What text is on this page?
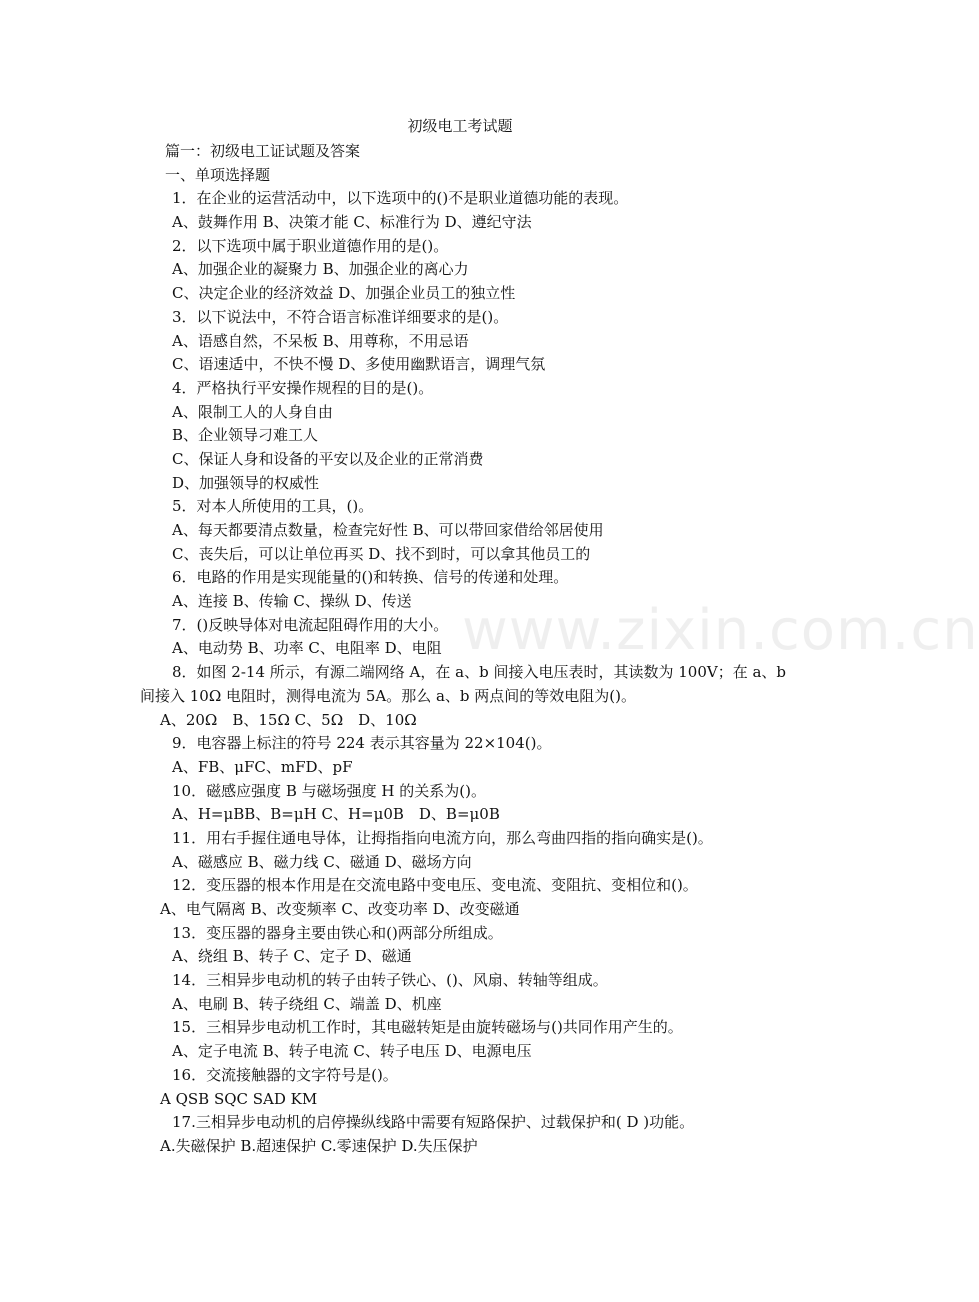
www.zixin.com.cn
初级电工考试题
篇一：初级电工证试题及答案
一、单项选择题
1．在企业的运营活动中，以下选项中的()不是职业道德功能的表现。
A、鼓舞作用 B、决策才能 C、标准行为 D、遵纪守法
2．以下选项中属于职业道德作用的是()。
A、加强企业的凝聚力 B、加强企业的离心力
C、决定企业的经济效益 D、加强企业员工的独立性
3．以下说法中，不符合语言标准详细要求的是()。
A、语感自然，不呆板 B、用尊称，不用忌语
C、语速适中，不快不慢 D、多使用幽默语言，调理气氛
4．严格执行平安操作规程的目的是()。
A、限制工人的人身自由
B、企业领导刁难工人
C、保证人身和设备的平安以及企业的正常消费
D、加强领导的权威性
5．对本人所使用的工具，()。
A、每天都要清点数量，检查完好性 B、可以带回家借给邻居使用
C、丧失后，可以让单位再买 D、找不到时，可以拿其他员工的
6．电路的作用是实现能量的()和转换、信号的传递和处理。
A、连接 B、传输 C、操纵 D、传送
7．()反映导体对电流起阻碍作用的大小。
A、电动势 B、功率 C、电阻率 D、电阻
8．如图 2-14 所示，有源二端网络 A，在 a、b 间接入电压表时，其读数为 100V；在 a、b 间接入 10Ω 电阻时，测得电流为 5A。那么 a、b 两点间的等效电阻为()。
A、20Ω　B、15Ω C、5Ω　D、10Ω
9．电容器上标注的符号 224 表示其容量为 22×104()。
A、FB、μFC、mFD、pF
10．磁感应强度 B 与磁场强度 H 的关系为()。
A、H=μBB、B=μH C、H=μ0B　D、B=μ0B
11．用右手握住通电导体，让拇指指向电流方向，那么弯曲四指的指向确实是()。
A、磁感应 B、磁力线 C、磁通 D、磁场方向
12．变压器的根本作用是在交流电路中变电压、变电流、变阻抗、变相位和()。
A、电气隔离 B、改变频率 C、改变功率 D、改变磁通
13．变压器的器身主要由铁心和()两部分所组成。
A、绕组 B、转子 C、定子 D、磁通
14．三相异步电动机的转子由转子铁心、()、风扇、转轴等组成。
A、电刷 B、转子绕组 C、端盖 D、机座
15．三相异步电动机工作时，其电磁转矩是由旋转磁场与()共同作用产生的。
A、定子电流 B、转子电流 C、转子电压 D、电源电压
16．交流接触器的文字符号是()。
A QSB SQC SAD KM
17.三相异步电动机的启停操纵线路中需要有短路保护、过载保护和( D )功能。
A.失磁保护 B.超速保护 C.零速保护 D.失压保护
